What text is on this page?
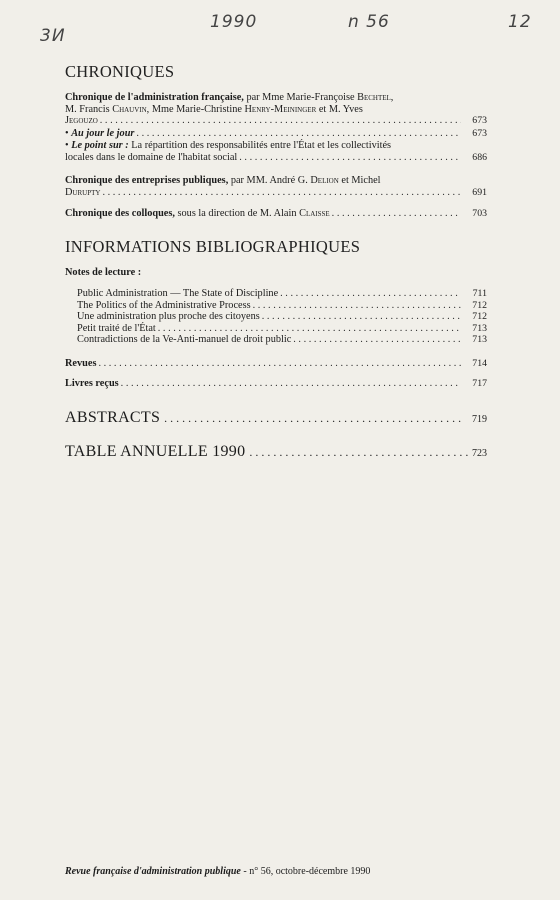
3И
1990	n 56	12
CHRONIQUES
Chronique de l'administration française, par Mme Marie-Françoise Bechtel,
M. Francis Chauvin, Mme Marie-Christine Henry-Meininger et M. Yves
Jegouzo . . .	673
• Au jour le jour . . .	673
• Le point sur : La répartition des responsabilités entre l'État et les collectivités
locales dans le domaine de l'habitat social . . .	686
Chronique des entreprises publiques, par MM. André G. Delion et Michel
Durupty . . .	691
Chronique des colloques, sous la direction de M. Alain Claisse . . .	703
INFORMATIONS BIBLIOGRAPHIQUES
Notes de lecture :
Public Administration — The State of Discipline . . .	711
The Politics of the Administrative Process . . .	712
Une administration plus proche des citoyens . . .	712
Petit traité de l'État . . .	713
Contradictions de la Ve-Anti-manuel de droit public . . .	713
Revues . . .	714
Livres reçus . . .	717
ABSTRACTS . . .	719
TABLE ANNUELLE 1990 . . .	723
Revue française d'administration publique - n° 56, octobre-décembre 1990
